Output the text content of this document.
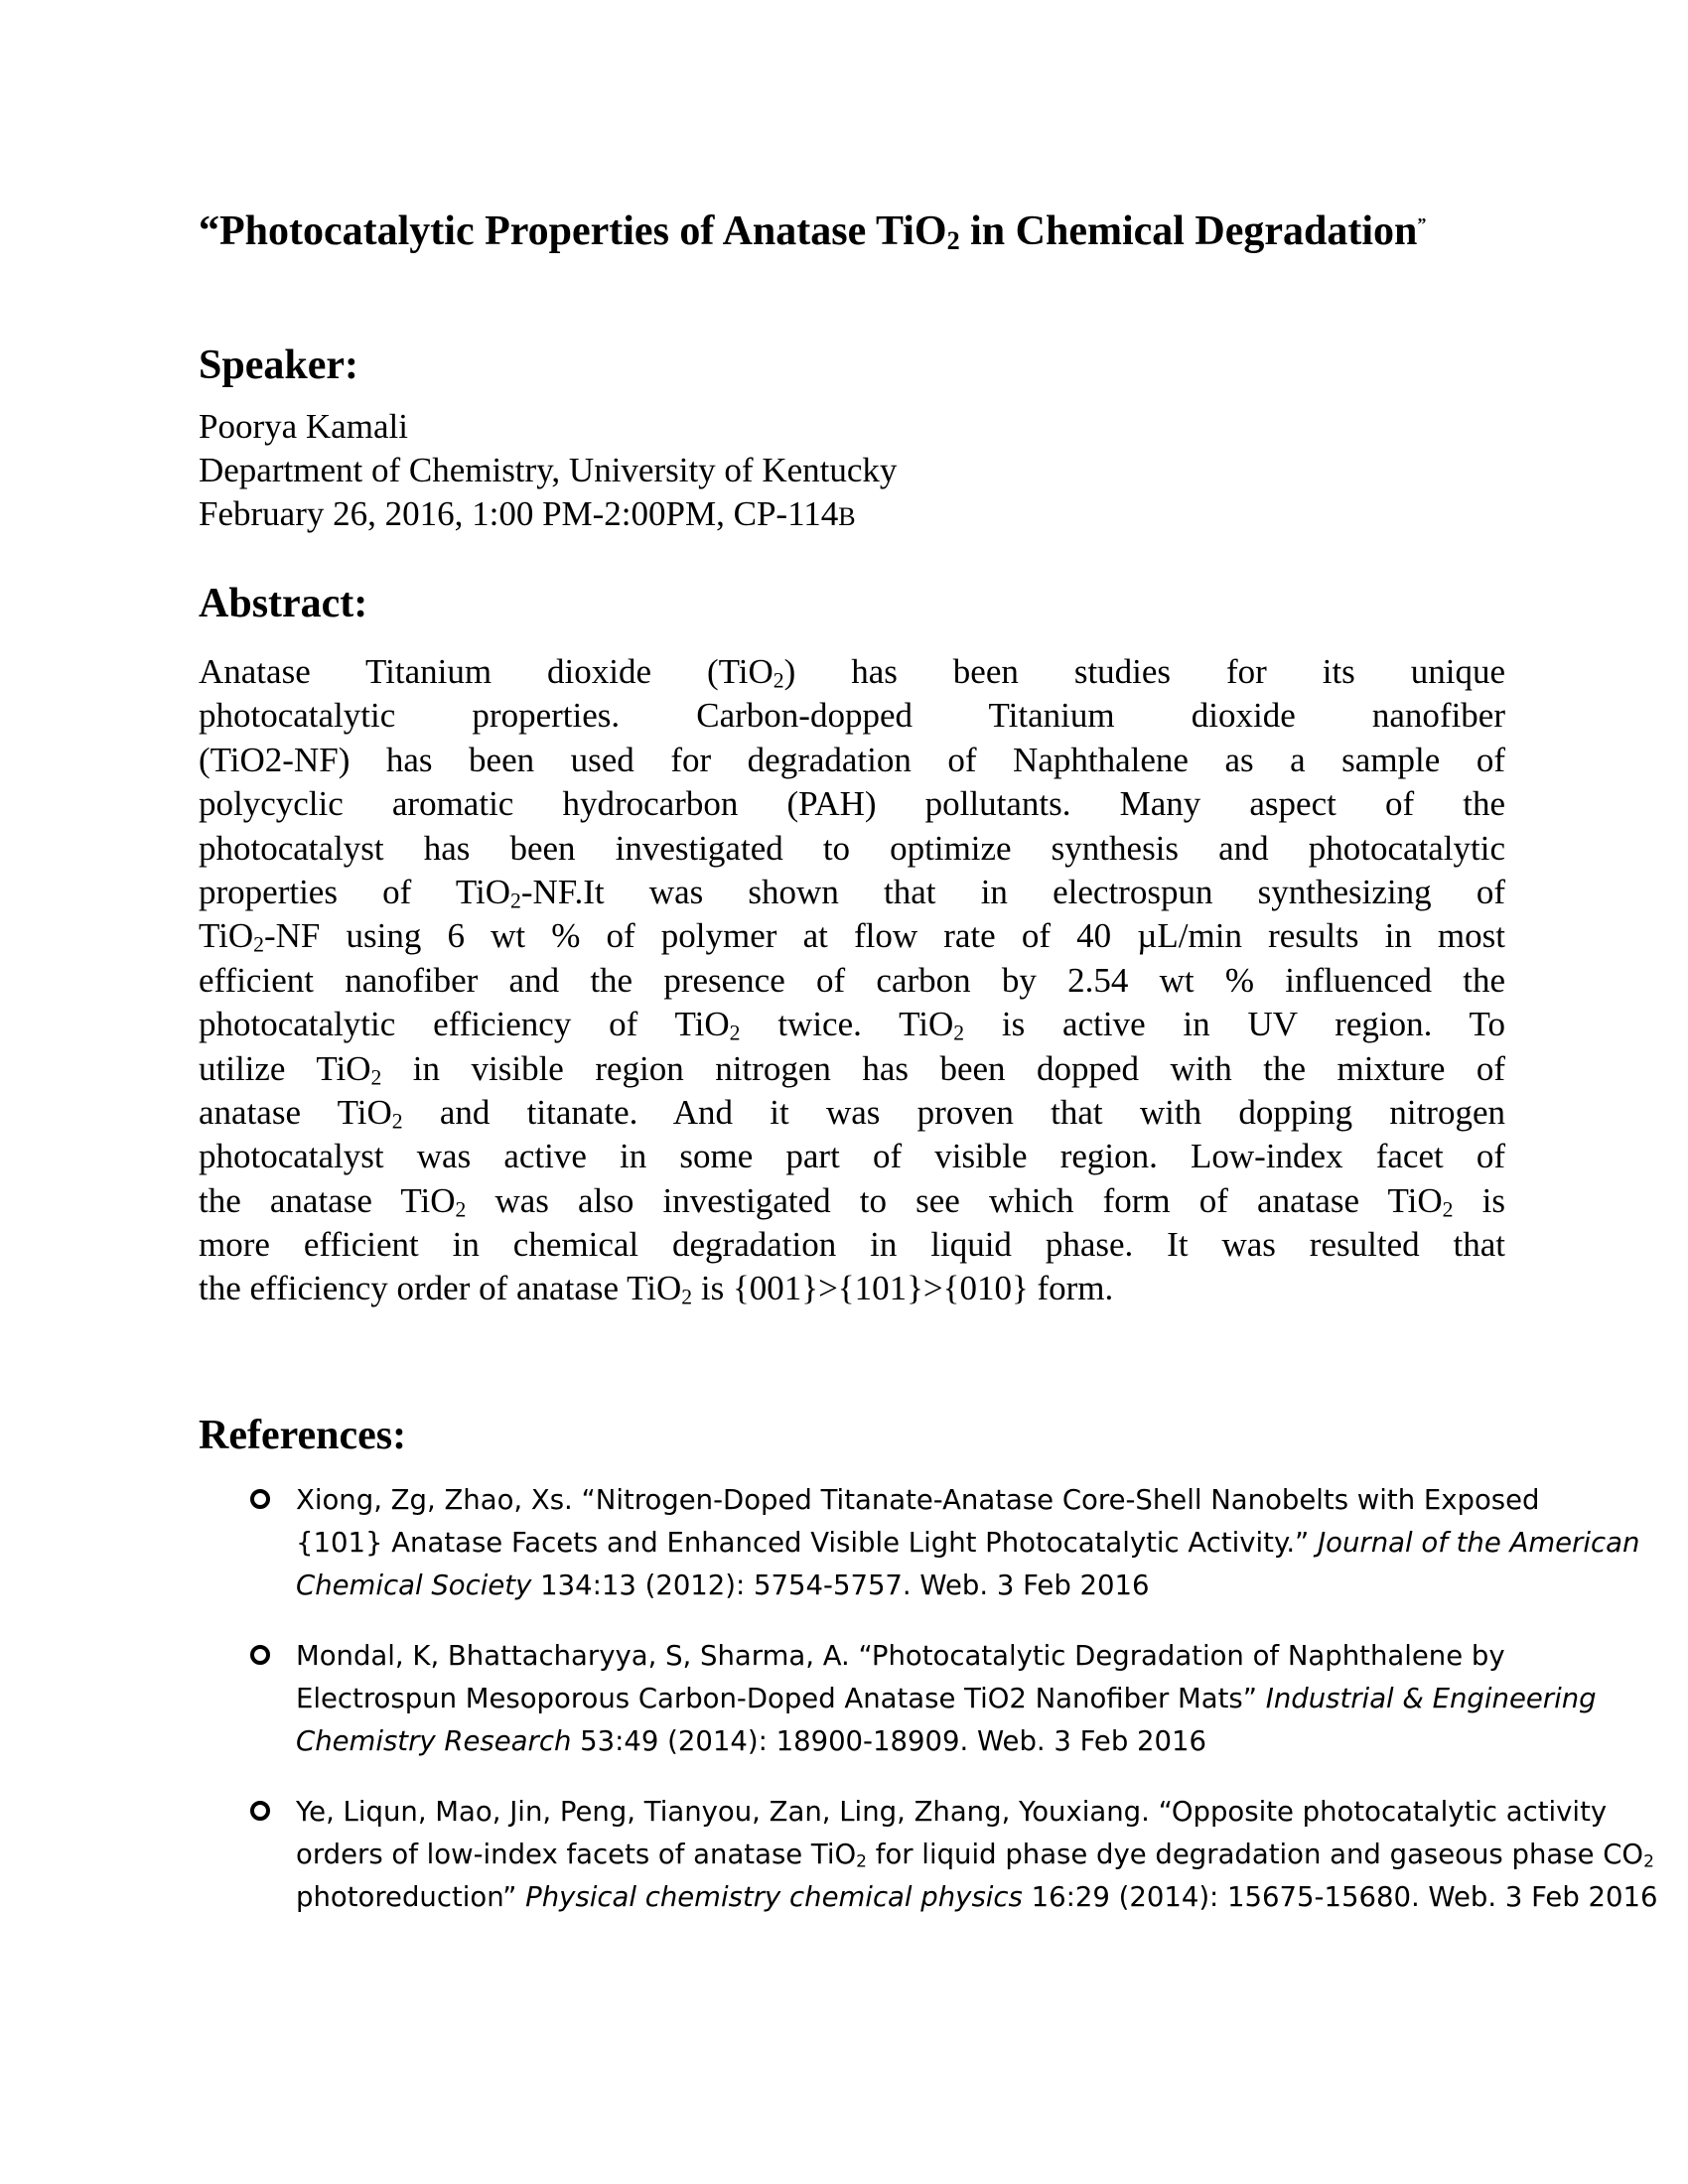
“Photocatalytic Properties of Anatase TiO$_2$ in Chemical Degradation”
Speaker:
Poorya Kamali
Department of Chemistry, University of Kentucky
February 26, 2016, 1:00 PM-2:00PM, CP-114B
Abstract:
Anatase Titanium dioxide (TiO$_2$) has been studies for its unique
photocatalytic properties. Carbon-dopped Titanium dioxide nanofiber
(TiO2-NF) has been used for degradation of Naphthalene as a sample of
polycyclic aromatic hydrocarbon (PAH) pollutants. Many aspect of the
photocatalyst has been investigated to optimize synthesis and photocatalytic
properties of TiO$_2$-NF.It was shown that in electrospun synthesizing of
TiO$_2$-NF using 6 wt % of polymer at flow rate of 40 µL/min results in most
efficient nanofiber and the presence of carbon by 2.54 wt % influenced the
photocatalytic efficiency of TiO$_2$ twice. TiO$_2$ is active in UV region. To
utilize TiO$_2$ in visible region nitrogen has been dopped with the mixture of
anatase TiO$_2$ and titanate. And it was proven that with dopping nitrogen
photocatalyst was active in some part of visible region. Low-index facet of
the anatase TiO$_2$ was also investigated to see which form of anatase TiO$_2$ is
more efficient in chemical degradation in liquid phase. It was resulted that
the efficiency order of anatase TiO$_2$ is {001}>{101}>{010} form.
References:
Xiong, Zg, Zhao, Xs. “Nitrogen-Doped Titanate-Anatase Core-Shell Nanobelts with Exposed
{101} Anatase Facets and Enhanced Visible Light Photocatalytic Activity.” Journal of the American
Chemical Society 134:13 (2012): 5754-5757. Web. 3 Feb 2016
Mondal, K, Bhattacharyya, S, Sharma, A. “Photocatalytic Degradation of Naphthalene by
Electrospun Mesoporous Carbon-Doped Anatase TiO2 Nanofiber Mats” Industrial & Engineering
Chemistry Research 53:49 (2014): 18900-18909. Web. 3 Feb 2016
Ye, Liqun, Mao, Jin, Peng, Tianyou, Zan, Ling, Zhang, Youxiang. “Opposite photocatalytic activity
orders of low-index facets of anatase TiO$_2$ for liquid phase dye degradation and gaseous phase $CO_2$
photoreduction” Physical chemistry chemical physics 16:29 (2014): 15675-15680. Web. 3 Feb 2016
